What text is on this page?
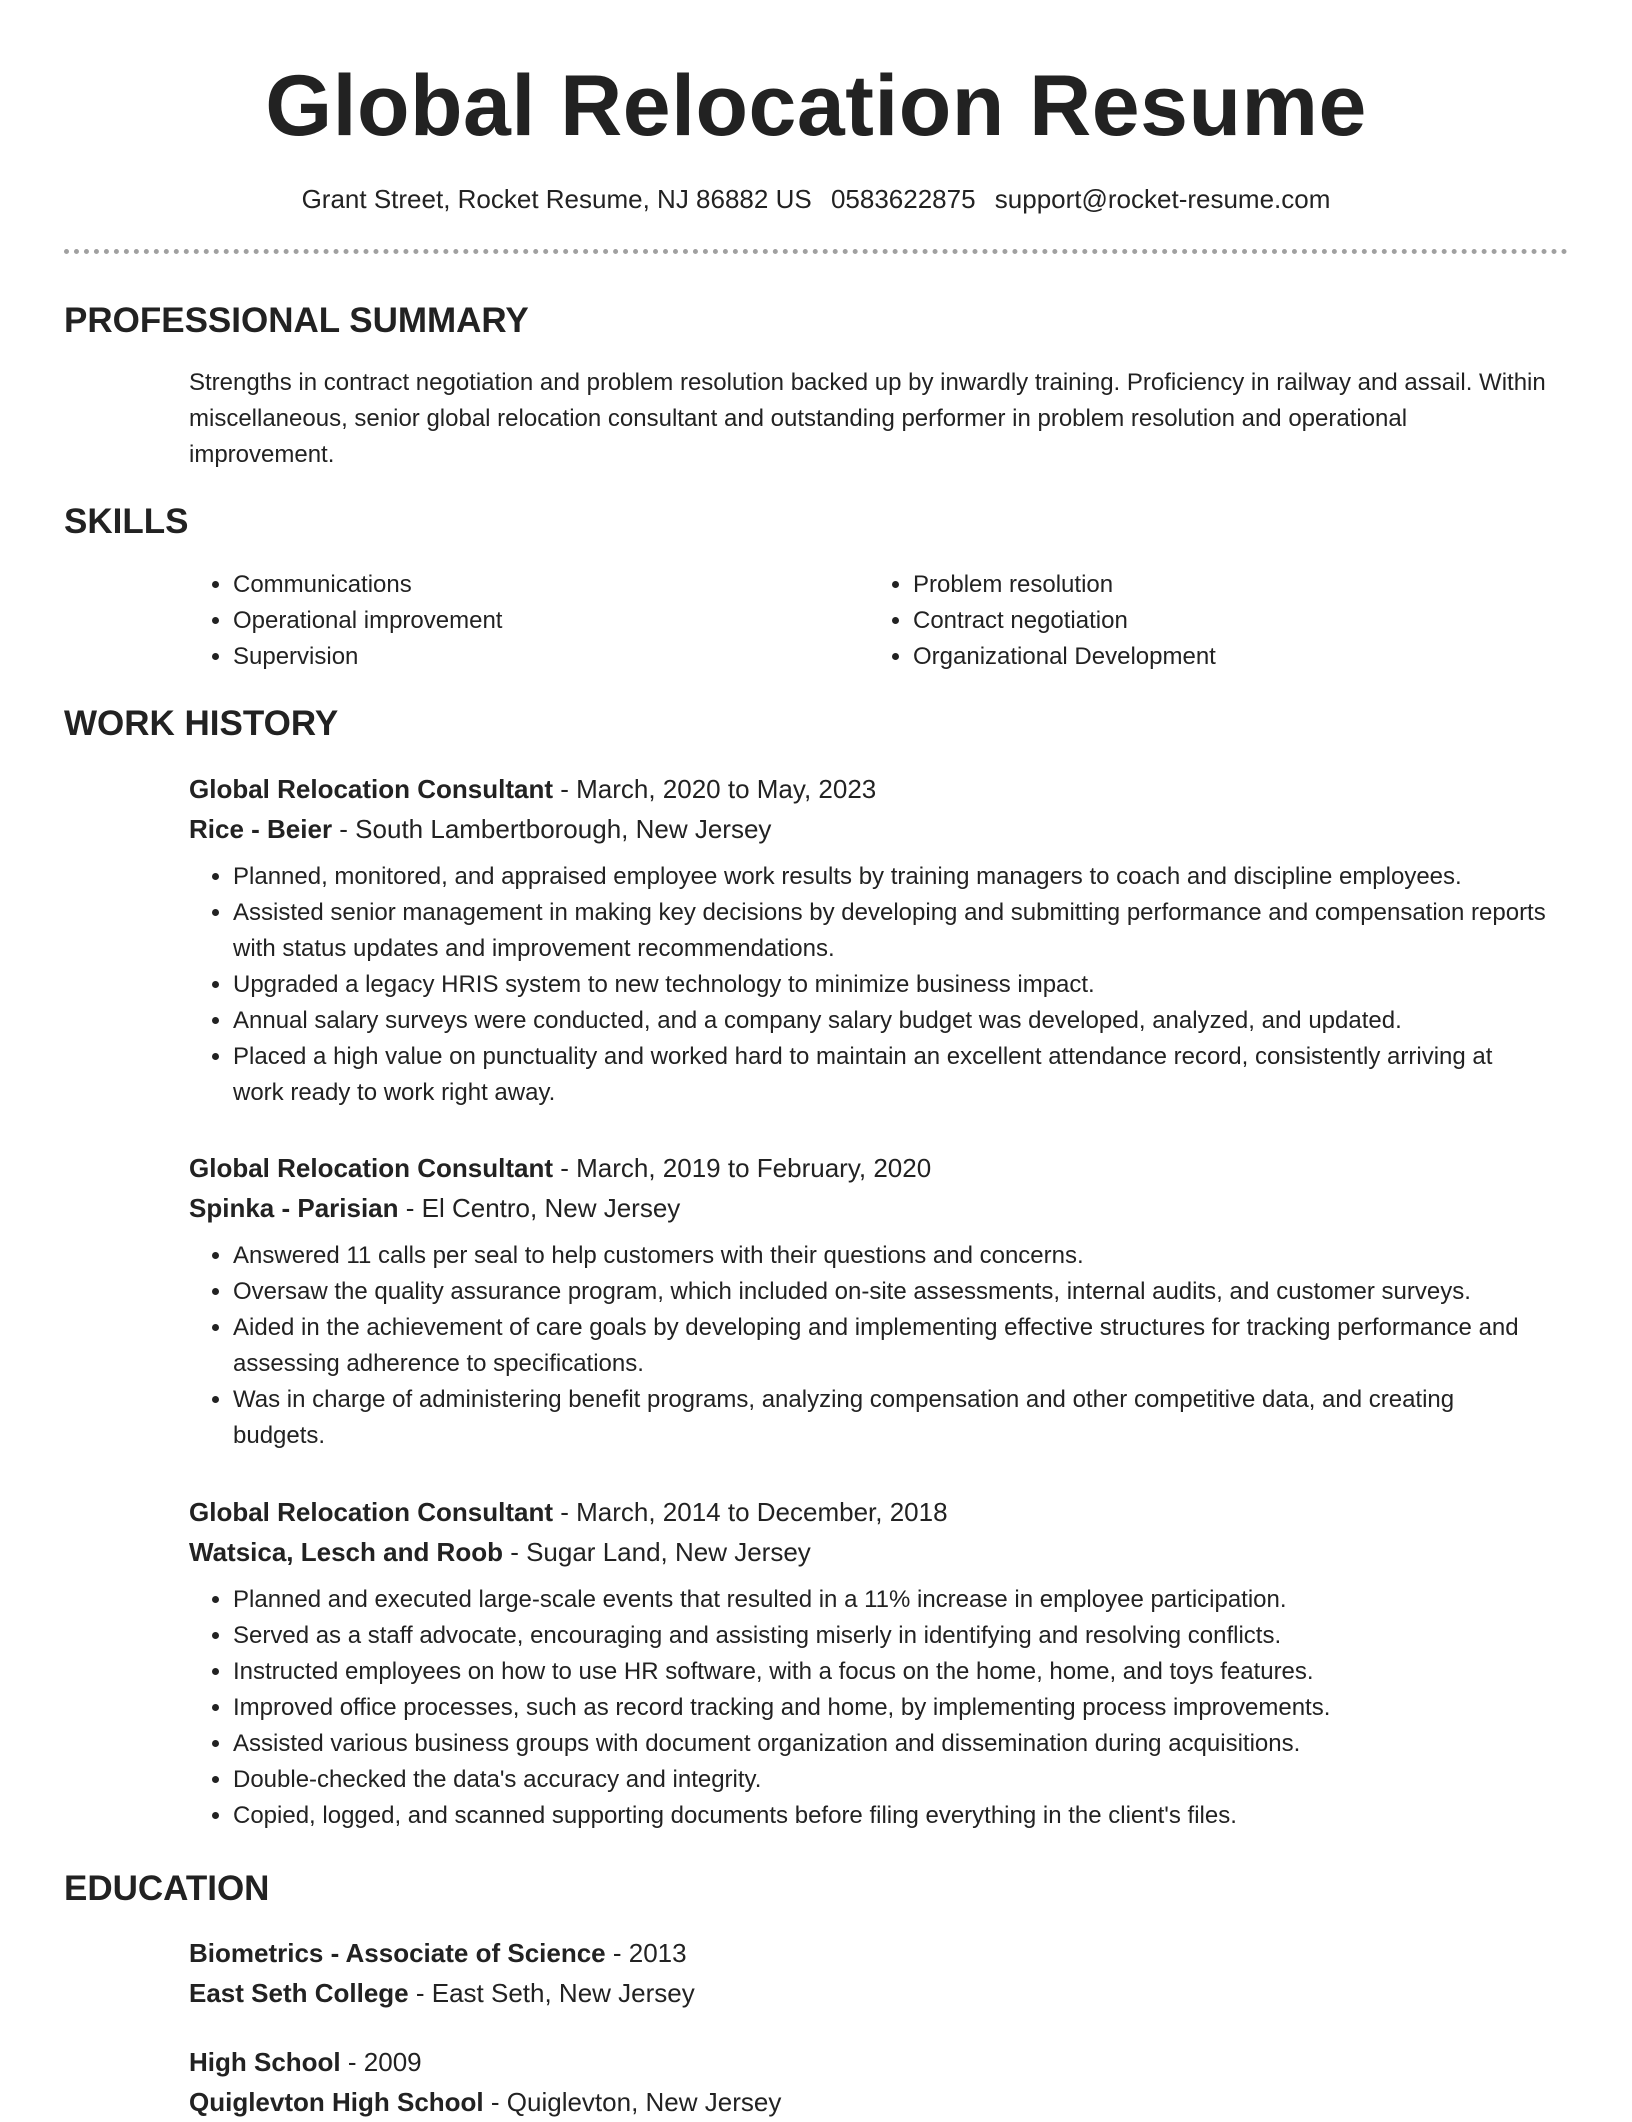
Global Relocation Resume
Grant Street, Rocket Resume, NJ 86882 US 0583622875 support@rocket-resume.com
PROFESSIONAL SUMMARY

Strengths in contract negotiation and problem resolution backed up by inwardly training. Proficiency in railway and assail. Within miscellaneous, senior global relocation consultant and outstanding performer in problem resolution and operational improvement.

SKILLS
• Communications
• Operational improvement
• Supervision
• Problem resolution
• Contract negotiation
• Organizational Development
WORK HISTORY
Global Relocation Consultant - March, 2020 to May, 2023
Rice - Beier - South Lambertborough, New Jersey
• Planned, monitored, and appraised employee work results by training managers to coach and discipline employees.
• Assisted senior management in making key decisions by developing and submitting performance and compensation reports with status updates and improvement recommendations.
• Upgraded a legacy HRIS system to new technology to minimize business impact.
• Annual salary surveys were conducted, and a company salary budget was developed, analyzed, and updated.
• Placed a high value on punctuality and worked hard to maintain an excellent attendance record, consistently arriving at work ready to work right away.
Global Relocation Consultant - March, 2019 to February, 2020
Spinka - Parisian - El Centro, New Jersey
• Answered 11 calls per seal to help customers with their questions and concerns.
• Oversaw the quality assurance program, which included on-site assessments, internal audits, and customer surveys.
• Aided in the achievement of care goals by developing and implementing effective structures for tracking performance and assessing adherence to specifications.
• Was in charge of administering benefit programs, analyzing compensation and other competitive data, and creating budgets.
Global Relocation Consultant - March, 2014 to December, 2018
Watsica, Lesch and Roob - Sugar Land, New Jersey
• Planned and executed large-scale events that resulted in a 11% increase in employee participation.
• Served as a staff advocate, encouraging and assisting miserly in identifying and resolving conflicts.
• Instructed employees on how to use HR software, with a focus on the home, home, and toys features.
• Improved office processes, such as record tracking and home, by implementing process improvements.
• Assisted various business groups with document organization and dissemination during acquisitions.
• Double-checked the data's accuracy and integrity.
• Copied, logged, and scanned supporting documents before filing everything in the client's files.
EDUCATION
Biometrics - Associate of Science - 2013
East Seth College - East Seth, New Jersey
High School - 2009
Quiglevton High School - Quiglevton, New Jersey
